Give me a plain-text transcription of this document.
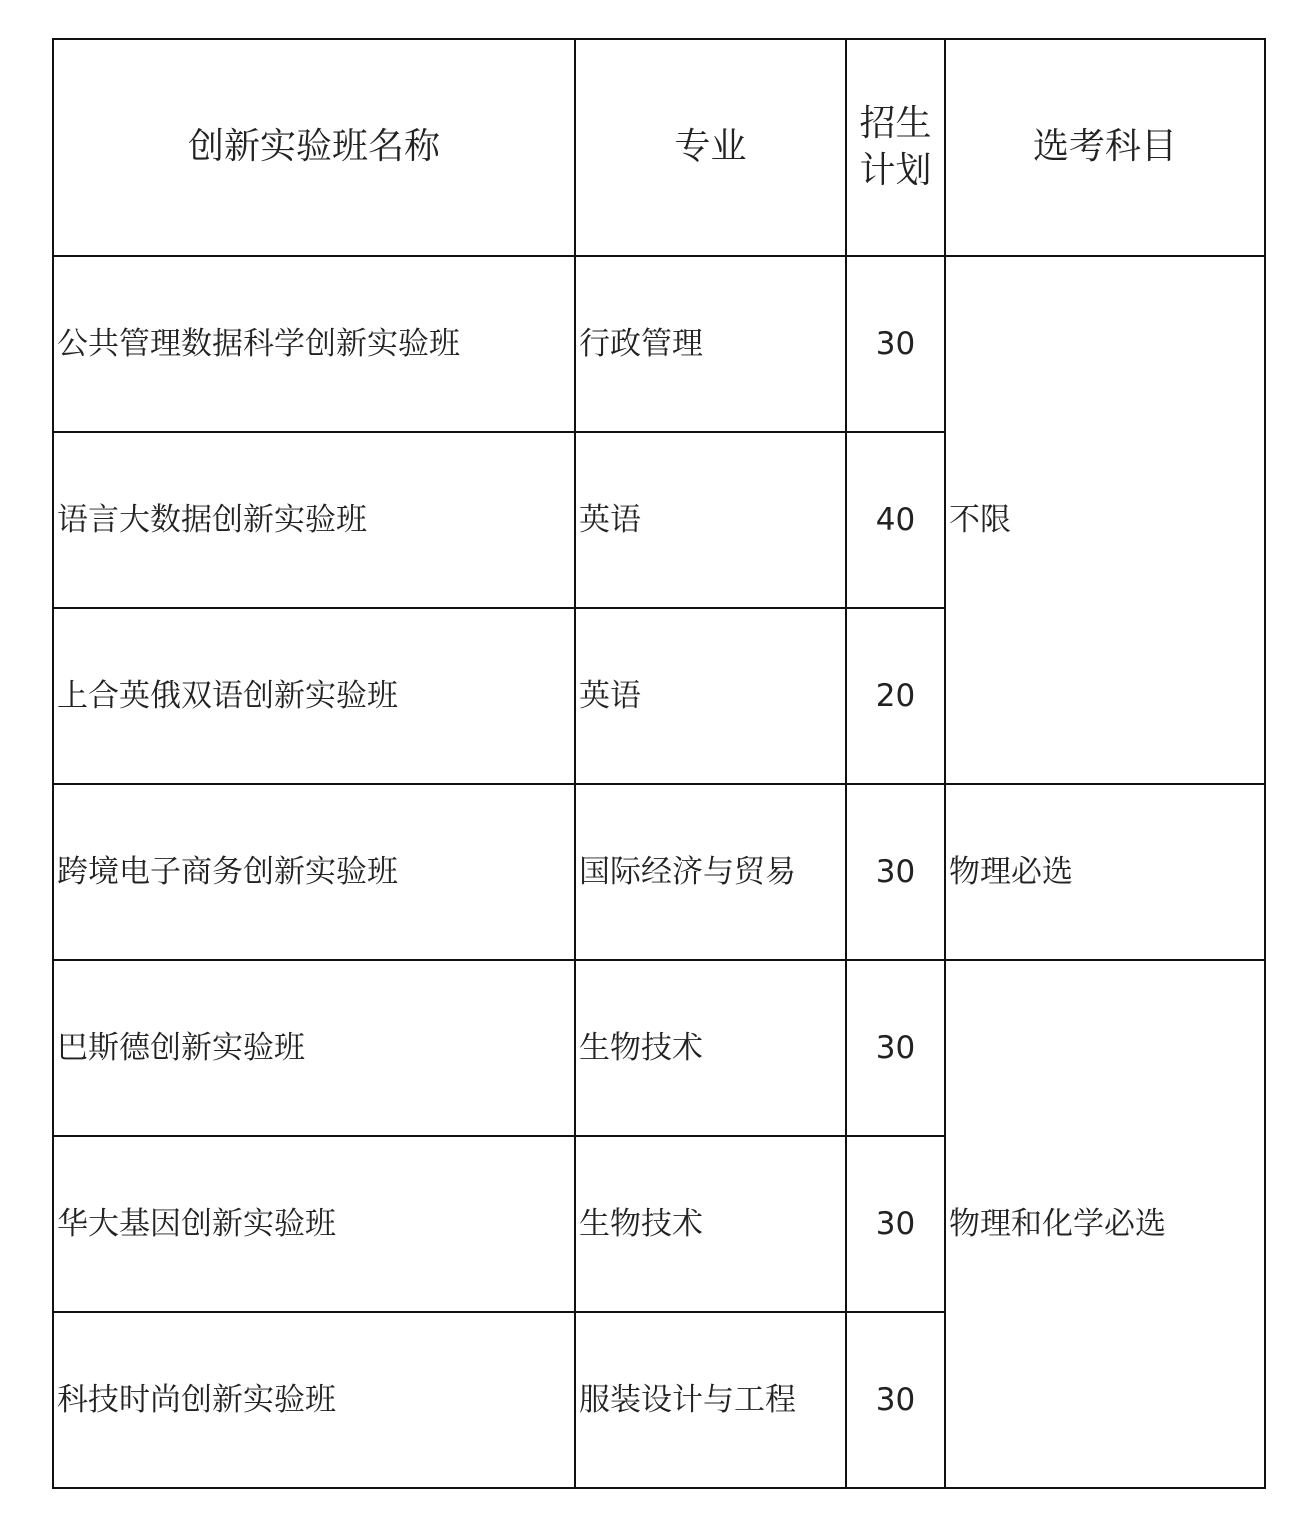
创新实验班名称	专业	招生计划	选考科目
公共管理数据科学创新实验班	行政管理	30	不限
语言大数据创新实验班	英语	40	
上合英俄双语创新实验班	英语	20	
跨境电子商务创新实验班	国际经济与贸易	30	物理必选
巴斯德创新实验班	生物技术	30	物理和化学必选
华大基因创新实验班	生物技术	30	
科技时尚创新实验班	服装设计与工程	30	
